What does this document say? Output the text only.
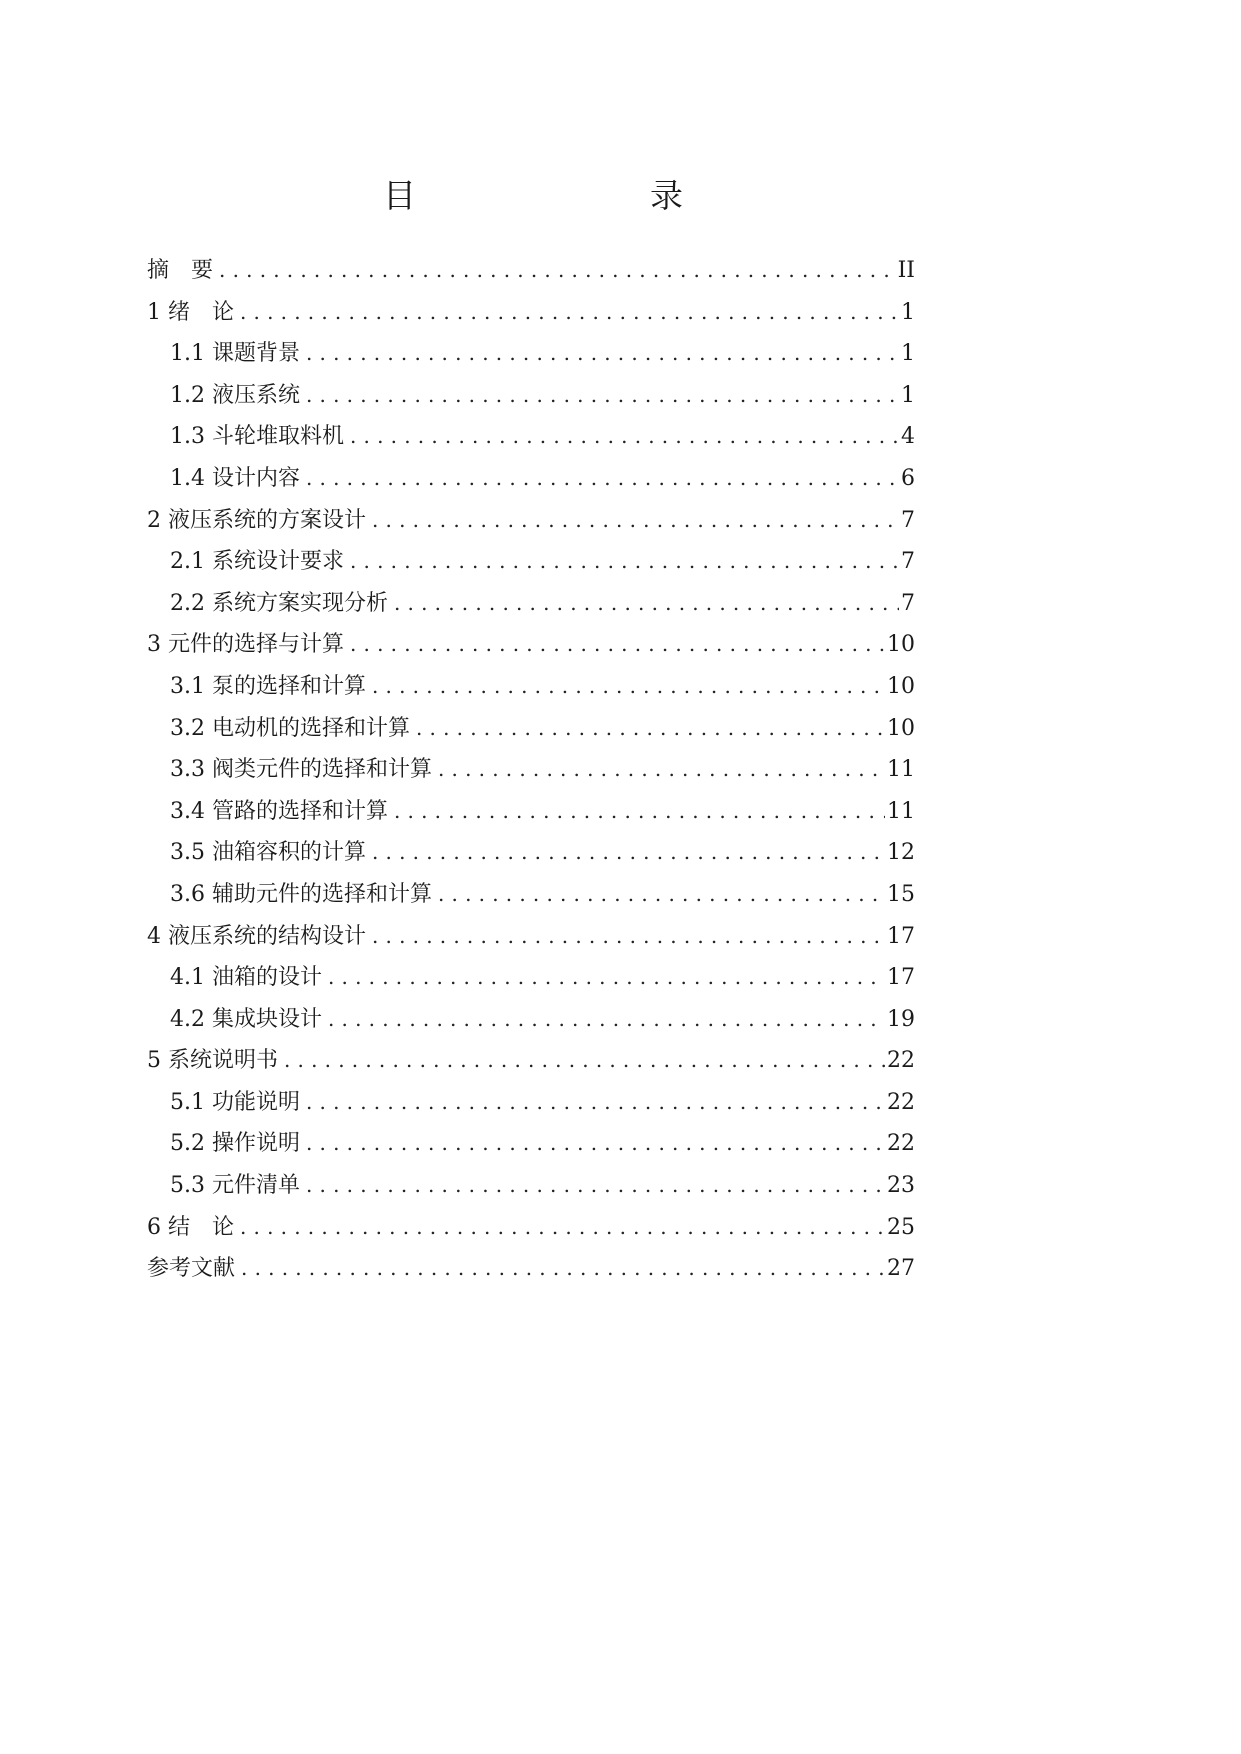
目　　录
摘　要 .....	II
1 绪　论 .....	1
1.1 课题背景 .....	1
1.2 液压系统 .....	1
1.3 斗轮堆取料机 .....	4
1.4 设计内容 .....	6
2 液压系统的方案设计 .....	7
2.1 系统设计要求 .....	7
2.2 系统方案实现分析 .....	7
3 元件的选择与计算 .....	10
3.1 泵的选择和计算 .....	10
3.2 电动机的选择和计算 .....	10
3.3 阀类元件的选择和计算 .....	11
3.4 管路的选择和计算 .....	11
3.5 油箱容积的计算 .....	12
3.6 辅助元件的选择和计算 .....	15
4 液压系统的结构设计 .....	17
4.1 油箱的设计 .....	17
4.2 集成块设计 .....	19
5 系统说明书 .....	22
5.1 功能说明 .....	22
5.2 操作说明 .....	22
5.3 元件清单 .....	23
6 结　论 .....	25
参考文献 .....	27
